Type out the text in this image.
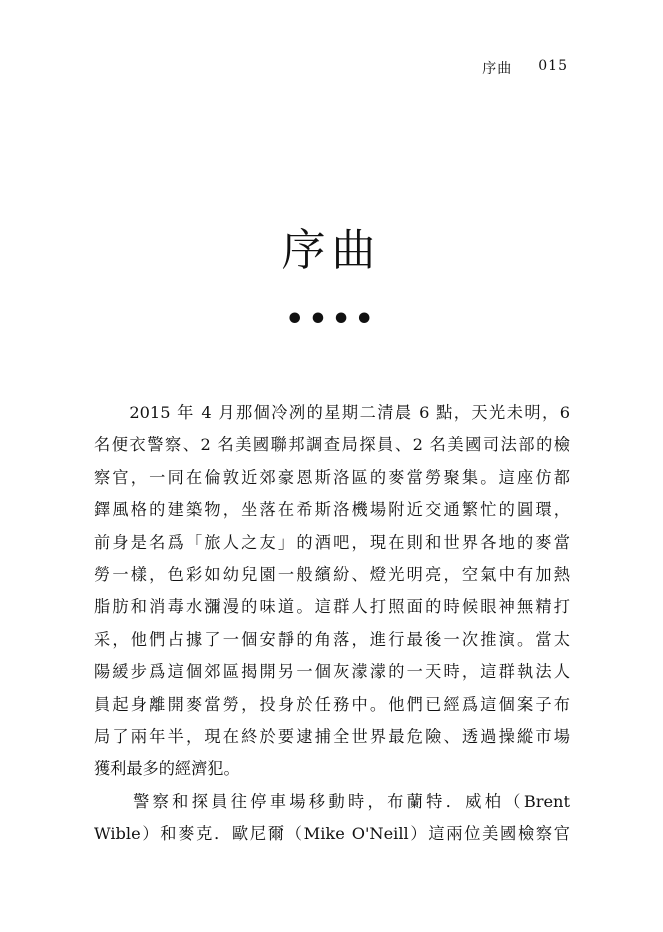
序曲 015
序曲
••••
　　2015 年 4 月那個冷冽的星期二清晨 6 點，天光未明，6
名便衣警察、2 名美國聯邦調查局探員、2 名美國司法部的檢
察官，一同在倫敦近郊豪恩斯洛區的麥當勞聚集。這座仿都
鐸風格的建築物，坐落在希斯洛機場附近交通繁忙的圓環，
前身是名爲「旅人之友」的酒吧，現在則和世界各地的麥當
勞一樣，色彩如幼兒園一般繽紛、燈光明亮，空氣中有加熱
脂肪和消毒水瀰漫的味道。這群人打照面的時候眼神無精打
采，他們占據了一個安靜的角落，進行最後一次推演。當太
陽緩步爲這個郊區揭開另一個灰濛濛的一天時，這群執法人
員起身離開麥當勞，投身於任務中。他們已經爲這個案子布
局了兩年半，現在終於要逮捕全世界最危險、透過操縱市場
獲利最多的經濟犯。
　　警察和探員往停車場移動時，布蘭特．威柏（Brent
Wible）和麥克．歐尼爾（Mike O'Neill）這兩位美國檢察官
